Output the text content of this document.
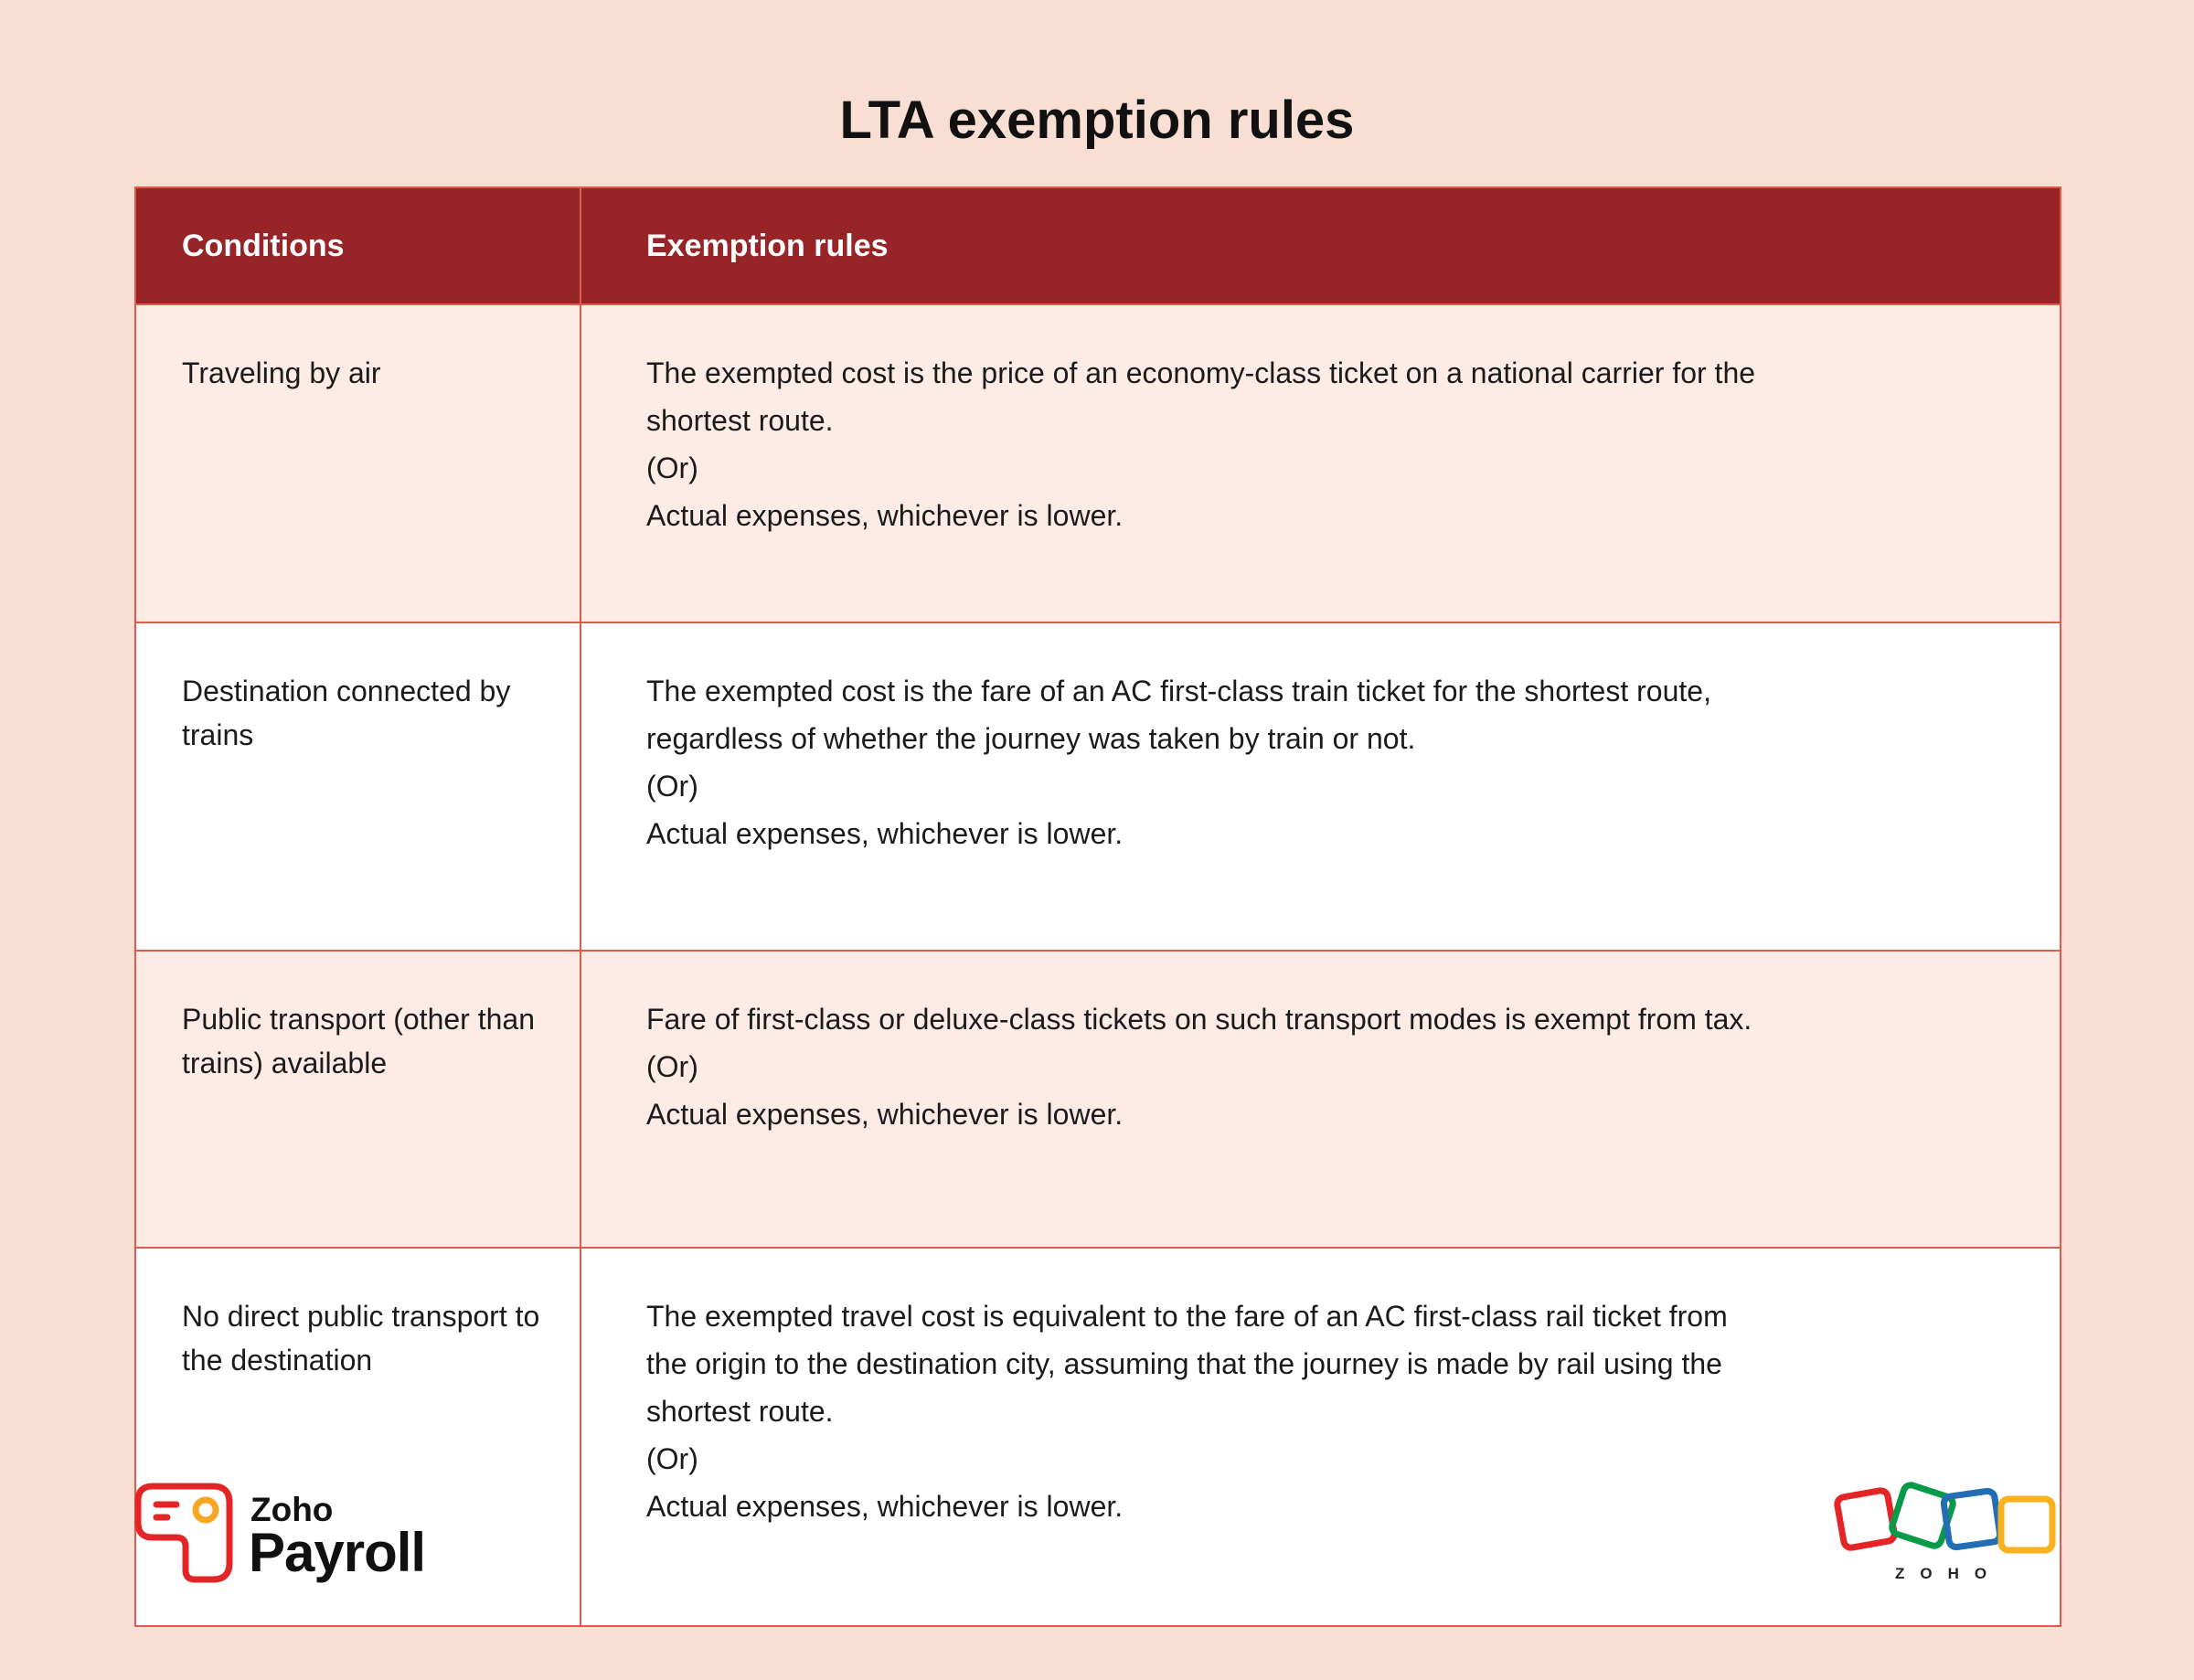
LTA exemption rules
Conditions	Exemption rules
Traveling by air	The exempted cost is the price of an economy-class ticket on a national carrier for the
shortest route.
(Or)
Actual expenses, whichever is lower.

Destination connected by trains	The exempted cost is the fare of an AC first-class train ticket for the shortest route,
regardless of whether the journey was taken by train or not.
(Or)
Actual expenses, whichever is lower.

Public transport (other than trains) available	Fare of first-class or deluxe-class tickets on such transport modes is exempt from tax.
(Or)
Actual expenses, whichever is lower.

No direct public transport to the destination	The exempted travel cost is equivalent to the fare of an AC first-class rail ticket from
the origin to the destination city, assuming that the journey is made by rail using the
shortest route.
(Or)
Actual expenses, whichever is lower.
Zoho
Payroll	ZOHO
